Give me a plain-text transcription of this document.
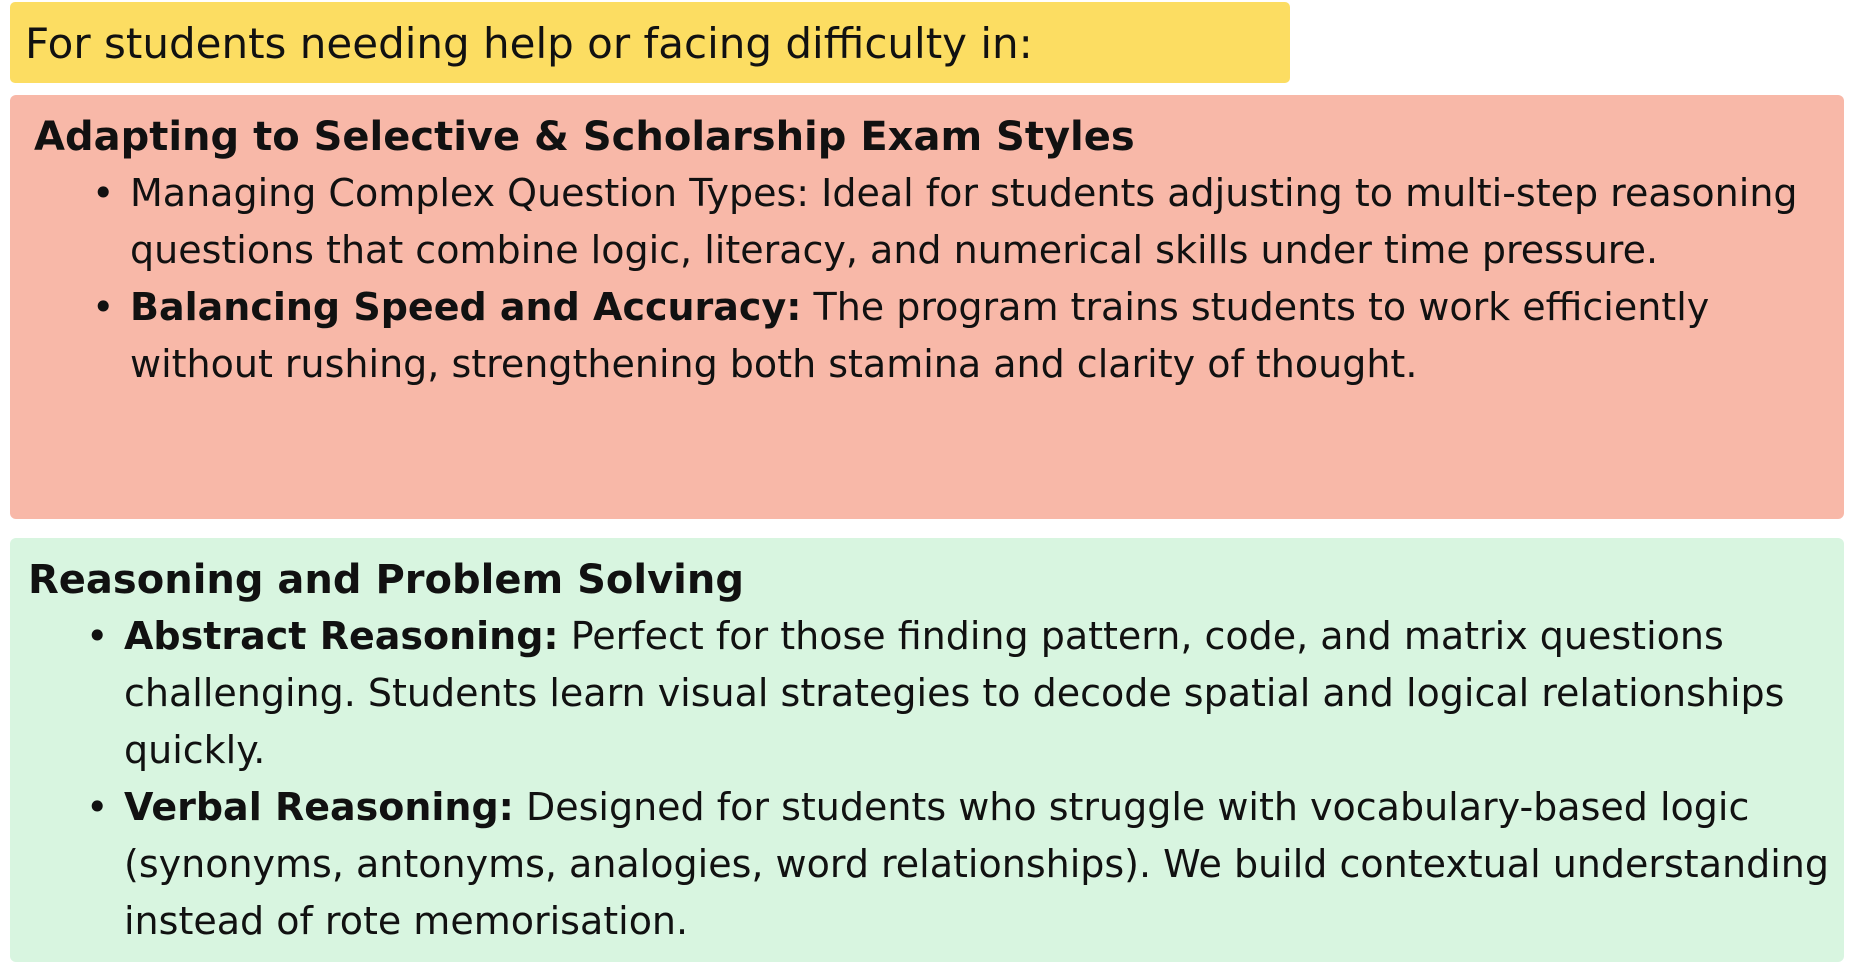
For students needing help or facing difficulty in:
Adapting to Selective & Scholarship Exam Styles
• Managing Complex Question Types: Ideal for students adjusting to multi-step reasoning questions that combine logic, literacy, and numerical skills under time pressure.
• Balancing Speed and Accuracy: The program trains students to work efficiently without rushing, strengthening both stamina and clarity of thought.
Reasoning and Problem Solving
• Abstract Reasoning: Perfect for those finding pattern, code, and matrix questions challenging. Students learn visual strategies to decode spatial and logical relationships quickly.
• Verbal Reasoning: Designed for students who struggle with vocabulary-based logic (synonyms, antonyms, analogies, word relationships). We build contextual understanding instead of rote memorisation.
